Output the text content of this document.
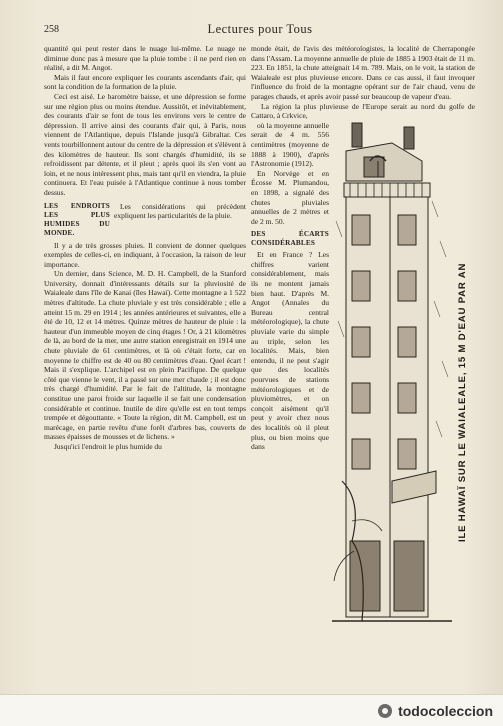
258	Lectures pour Tous

quantité qui peut rester dans le nuage lui-même. Le nuage ne diminue donc pas à mesure que la pluie tombe : il ne perd rien en réalité, a dit M. Angot.

Mais il faut encore expliquer les courants ascendants d'air, qui sont la condition de la formation de la pluie.

Ceci est aisé. Le baromètre baisse, et une dépression se forme sur une région plus ou moins étendue. Aussitôt, et inévitablement, des courants d'air se font de tous les environs vers le centre de dépression. Il arrive ainsi des courants d'air qui, à Paris, nous viennent de l'Atlantique, depuis l'Islande jusqu'à Gibraltar. Ces vents tourbillonnent autour du centre de la dépression et s'élèvent à des kilomètres de hauteur. Ils sont chargés d'humidité, ils se refroidissent par détente, et il pleut ; après quoi ils s'en vont au loin, et ne nous intéressent plus, mais tant qu'il en viendra, la pluie continuera. Et l'eau puisée à l'Atlantique continue à nous tomber dessus.

LES ENDROITS LES PLUS HUMIDES DU MONDE.
Les considérations qui précèdent expliquent les particularités de la pluie.

Il y a de très grosses pluies. Il convient de donner quelques exemples de celles-ci, en indiquant, à l'occasion, la raison de leur importance.

Un dernier, dans Science, M. D. H. Campbell, de la Stanford University, donnait d'intéressants détails sur la pluviosité de Waialeale dans l'île de Kanai (îles Hawaï). Cette montagne a 1 522 mètres d'altitude. La chute pluviale y est très considérable ; elle a atteint 15 m. 29 en 1914 ; les années antérieures et suivantes, elle a été de 10, 12 et 14 mètres. Quinze mètres de hauteur de pluie : la hauteur d'un immeuble moyen de cinq étages ! Or, à 21 kilomètres de là, au bord de la mer, une autre station enregistrait en 1914 une chute pluviale de 61 centimètres, et là où c'était forte, car en moyenne le chiffre est de 40 ou 80 centimètres d'eau. Quel écart ! Mais il s'explique. L'archipel est en plein Pacifique. De quelque côté que vienne le vent, il a passé sur une mer chaude ; il est donc très chargé d'humidité. Par le fait de l'altitude, la montagne constitue une paroi froide sur laquelle il se fait une condensation considérable et continue. Inutile de dire qu'elle est en tout temps trempée et dégouttante. « Toute la région, dit M. Campbell, est un marécage, en partie revêtu d'une forêt d'arbres bas, couverts de masses épaisses de mousses et de lichens. »

Jusqu'ici l'endroit le plus humide du

monde était, de l'avis des météorologistes, la localité de Cherrapongée dans l'Assam. La moyenne annuelle de pluie de 1885 à 1903 était de 11 m. 223. En 1851, la chute atteignait 14 m. 789. Mais, on le voit, la station de Waialeale est plus pluvieuse encore. Dans ce cas aussi, il faut invoquer l'influence du froid de la montagne opérant sur de l'air chaud, venu de parages chauds, et après avoir passé sur beaucoup de vapeur d'eau.

La région la plus pluvieuse de l'Europe serait au nord du golfe de Cattaro, à Crkvice,

où la moyenne annuelle serait de 4 m. 556 centimètres (moyenne de 1888 à 1900), d'après l'Astronomie (1912).

En Norvège et en Écosse M. Plumandou, en 1898, a signalé des chutes pluviales annuelles de 2 mètres et de 2 m. 50.

DES ÉCARTS CONSIDÉRABLES

Et en France ? Les chiffres varient considérablement, mais ils ne montent jamais bien haut. D'après M. Angot (Annales du Bureau central météorologique), la chute pluviale varie du simple au triple, selon les localités. Mais, bien entendu, il ne peut s'agir que des localités pourvues de stations météorologiques et de pluviomètres, et on conçoit aisément qu'il peut y avoir chez nous des localités où il pleut plus, ou bien moins que dans	ILE HAWAÏ SUR LE WAIALEALE, 15 M D'EAU PAR AN
todocoleccion
